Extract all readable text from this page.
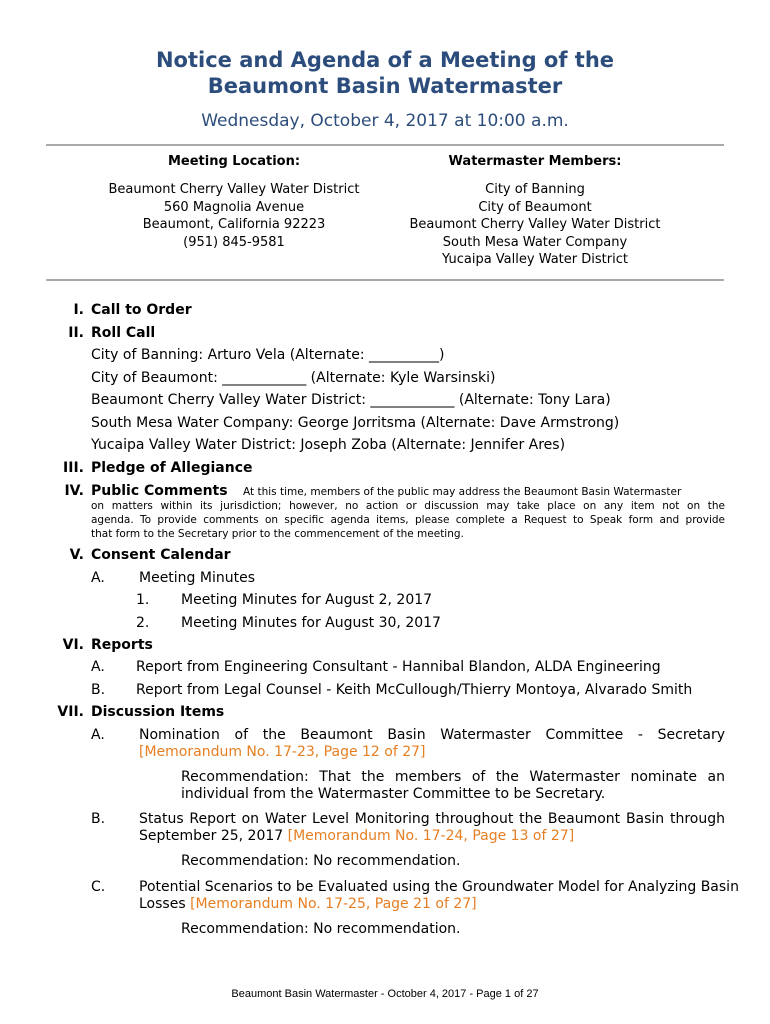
Notice and Agenda of a Meeting of the
Beaumont Basin Watermaster
Wednesday, October 4, 2017 at 10:00 a.m.
Meeting Location:	Watermaster Members:
Beaumont Cherry Valley Water District
560 Magnolia Avenue
Beaumont, California 92223
(951) 845-9581
City of Banning
City of Beaumont
Beaumont Cherry Valley Water District
South Mesa Water Company
Yucaipa Valley Water District
I. Call to Order
II. Roll Call
City of Banning: Arturo Vela (Alternate: __________)
City of Beaumont: ____________ (Alternate: Kyle Warsinski)
Beaumont Cherry Valley Water District: ____________ (Alternate: Tony Lara)
South Mesa Water Company: George Jorritsma (Alternate: Dave Armstrong)
Yucaipa Valley Water District: Joseph Zoba (Alternate: Jennifer Ares)
III. Pledge of Allegiance
IV. Public Comments At this time, members of the public may address the Beaumont Basin Watermaster
on matters within its jurisdiction; however, no action or discussion may take place on any item not on the
agenda. To provide comments on specific agenda items, please complete a Request to Speak form and provide
that form to the Secretary prior to the commencement of the meeting.
V. Consent Calendar
A. Meeting Minutes
1. Meeting Minutes for August 2, 2017
2. Meeting Minutes for August 30, 2017
VI. Reports
A. Report from Engineering Consultant - Hannibal Blandon, ALDA Engineering
B. Report from Legal Counsel - Keith McCullough/Thierry Montoya, Alvarado Smith
VII. Discussion Items
A. Nomination of the Beaumont Basin Watermaster Committee - Secretary
[Memorandum No. 17-23, Page 12 of 27]
Recommendation: That the members of the Watermaster nominate an
individual from the Watermaster Committee to be Secretary.
B. Status Report on Water Level Monitoring throughout the Beaumont Basin through
September 25, 2017 [Memorandum No. 17-24, Page 13 of 27]
Recommendation: No recommendation.
C. Potential Scenarios to be Evaluated using the Groundwater Model for Analyzing Basin
Losses [Memorandum No. 17-25, Page 21 of 27]
Recommendation: No recommendation.
Beaumont Basin Watermaster - October 4, 2017 - Page 1 of 27
